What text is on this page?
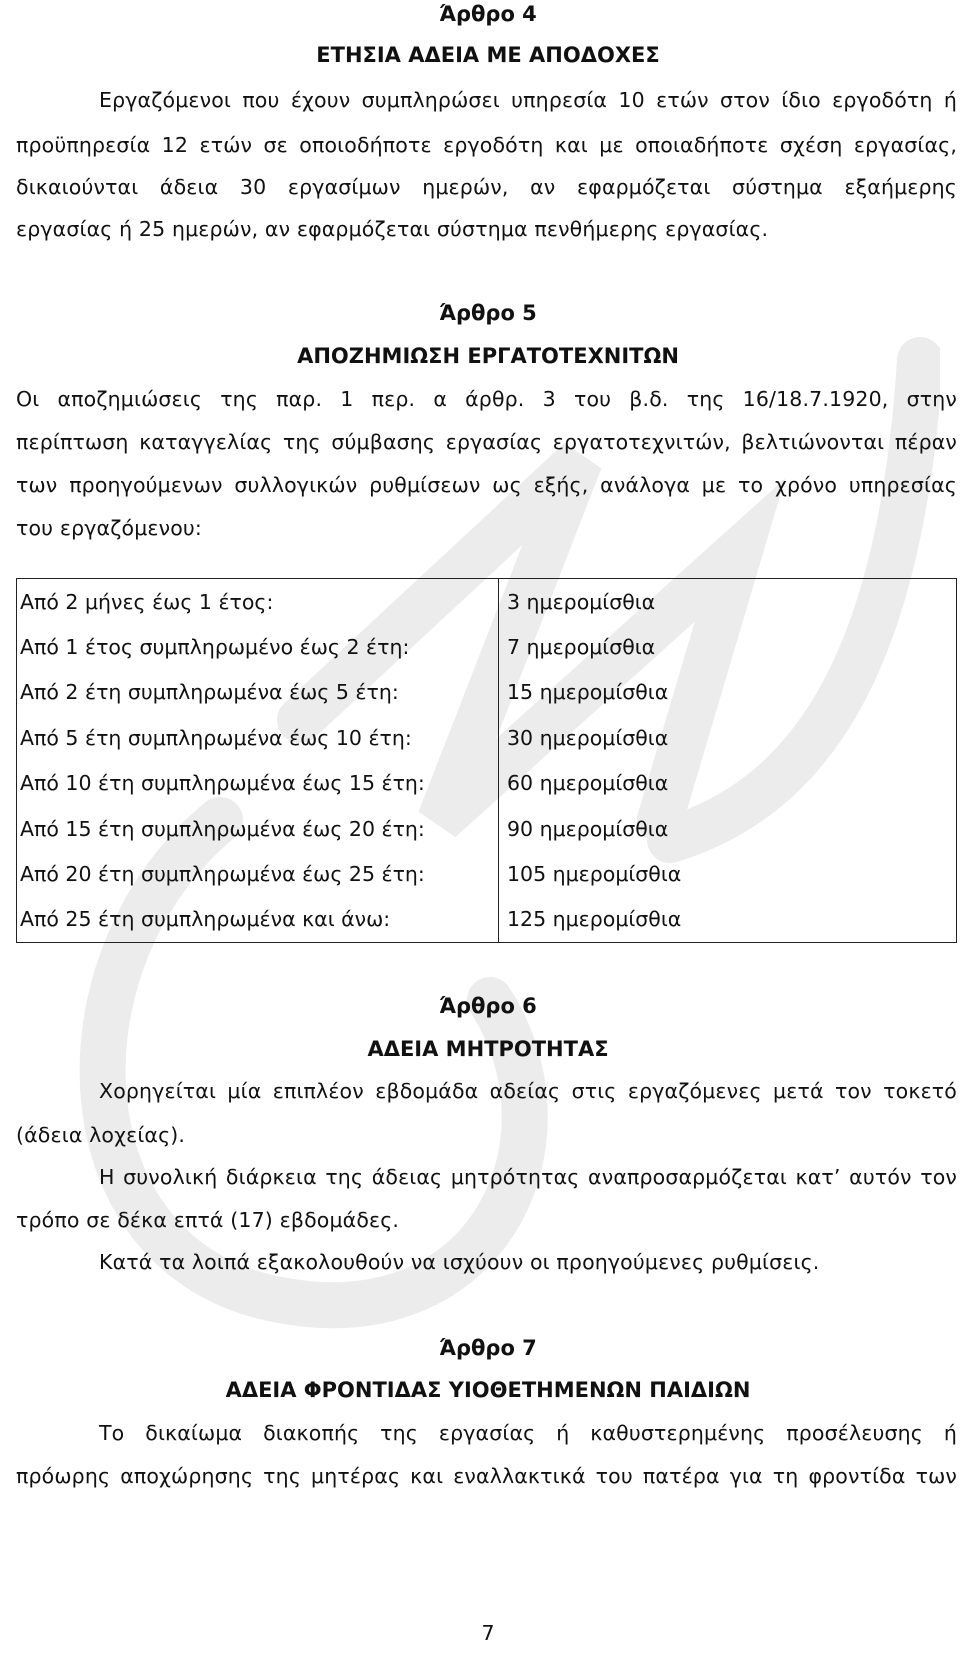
Άρθρο 4
ΕΤΗΣΙΑ ΑΔΕΙΑ ΜΕ ΑΠΟΔΟΧΕΣ
Εργαζόμενοι που έχουν συμπληρώσει υπηρεσία 10 ετών στον ίδιο εργοδότη ή
προϋπηρεσία 12 ετών σε οποιοδήποτε εργοδότη και με οποιαδήποτε σχέση εργασίας,
δικαιούνται άδεια 30 εργασίμων ημερών, αν εφαρμόζεται σύστημα εξαήμερης
εργασίας ή 25 ημερών, αν εφαρμόζεται σύστημα πενθήμερης εργασίας.
Άρθρο 5
ΑΠΟΖΗΜΙΩΣΗ ΕΡΓΑΤΟΤΕΧΝΙΤΩΝ
Οι αποζημιώσεις της παρ. 1 περ. α άρθρ. 3 του β.δ. της 16/18.7.1920, στην
περίπτωση καταγγελίας της σύμβασης εργασίας εργατοτεχνιτών, βελτιώνονται πέραν
των προηγούμενων συλλογικών ρυθμίσεων ως εξής, ανάλογα με το χρόνο υπηρεσίας
του εργαζόμενου:
Από 2 μήνες έως 1 έτος:	3 ημερομίσθια
Από 1 έτος συμπληρωμένο έως 2 έτη:	7 ημερομίσθια
Από 2 έτη συμπληρωμένα έως 5 έτη:	15 ημερομίσθια
Από 5 έτη συμπληρωμένα έως 10 έτη:	30 ημερομίσθια
Από 10 έτη συμπληρωμένα έως 15 έτη:	60 ημερομίσθια
Από 15 έτη συμπληρωμένα έως 20 έτη:	90 ημερομίσθια
Από 20 έτη συμπληρωμένα έως 25 έτη:	105 ημερομίσθια
Από 25 έτη συμπληρωμένα και άνω:	125 ημερομίσθια
Άρθρο 6
ΑΔΕΙΑ ΜΗΤΡΟΤΗΤΑΣ
Χορηγείται μία επιπλέον εβδομάδα αδείας στις εργαζόμενες μετά τον τοκετό
(άδεια λοχείας).
Η συνολική διάρκεια της άδειας μητρότητας αναπροσαρμόζεται κατ’ αυτόν τον
τρόπο σε δέκα επτά (17) εβδομάδες.
Κατά τα λοιπά εξακολουθούν να ισχύουν οι προηγούμενες ρυθμίσεις.
Άρθρο 7
ΑΔΕΙΑ ΦΡΟΝΤΙΔΑΣ ΥΙΟΘΕΤΗΜΕΝΩΝ ΠΑΙΔΙΩΝ
Το δικαίωμα διακοπής της εργασίας ή καθυστερημένης προσέλευσης ή
πρόωρης αποχώρησης της μητέρας και εναλλακτικά του πατέρα για τη φροντίδα των
7
